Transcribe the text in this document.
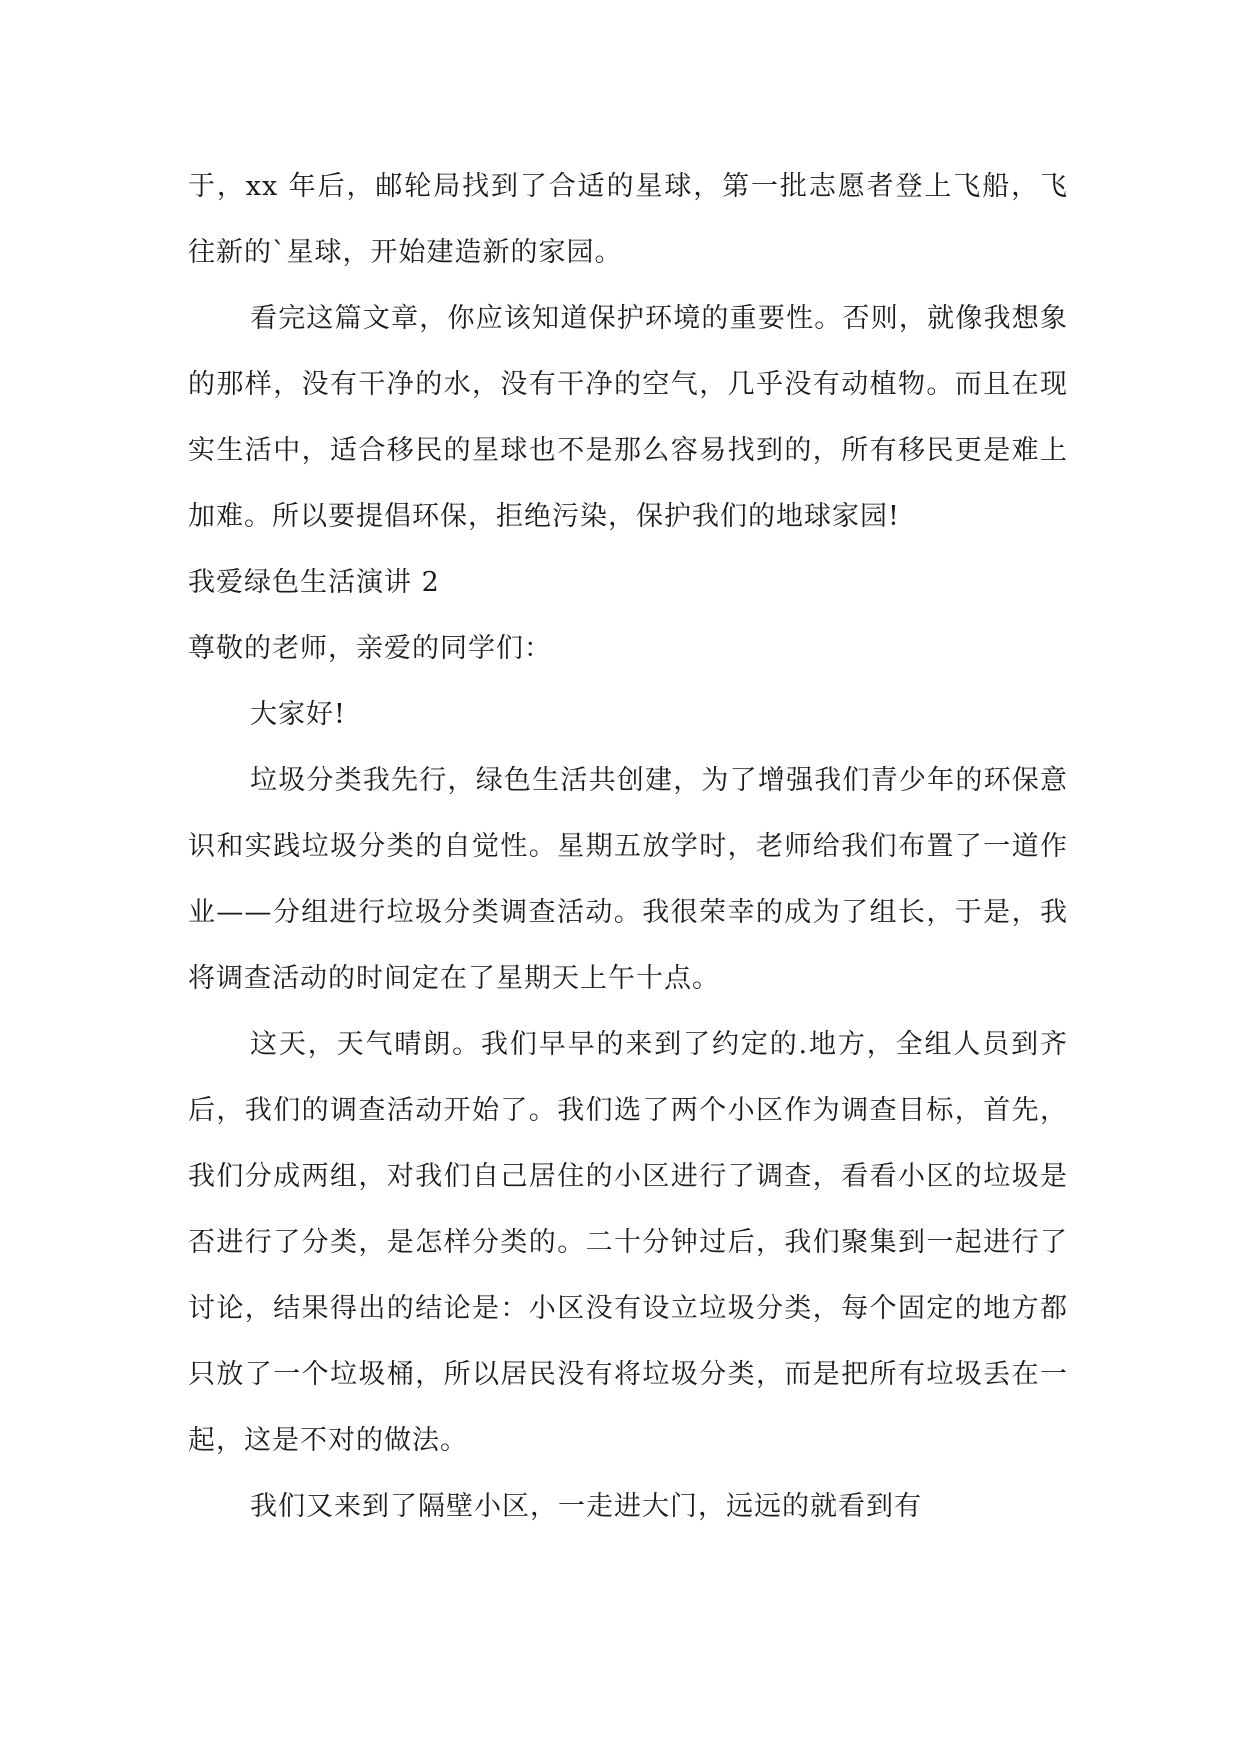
于，xx 年后，邮轮局找到了合适的星球，第一批志愿者登上飞船，飞往新的`星球，开始建造新的家园。

看完这篇文章，你应该知道保护环境的重要性。否则，就像我想象的那样，没有干净的水，没有干净的空气，几乎没有动植物。而且在现实生活中，适合移民的星球也不是那么容易找到的，所有移民更是难上加难。所以要提倡环保，拒绝污染，保护我们的地球家园!

我爱绿色生活演讲 2

尊敬的老师，亲爱的同学们：

大家好!

垃圾分类我先行，绿色生活共创建，为了增强我们青少年的环保意识和实践垃圾分类的自觉性。星期五放学时，老师给我们布置了一道作业——分组进行垃圾分类调查活动。我很荣幸的成为了组长，于是，我将调查活动的时间定在了星期天上午十点。

这天，天气晴朗。我们早早的来到了约定的.地方，全组人员到齐后，我们的调查活动开始了。我们选了两个小区作为调查目标，首先，我们分成两组，对我们自己居住的小区进行了调查，看看小区的垃圾是否进行了分类，是怎样分类的。二十分钟过后，我们聚集到一起进行了讨论，结果得出的结论是：小区没有设立垃圾分类，每个固定的地方都只放了一个垃圾桶，所以居民没有将垃圾分类，而是把所有垃圾丢在一起，这是不对的做法。

我们又来到了隔壁小区，一走进大门，远远的就看到有
